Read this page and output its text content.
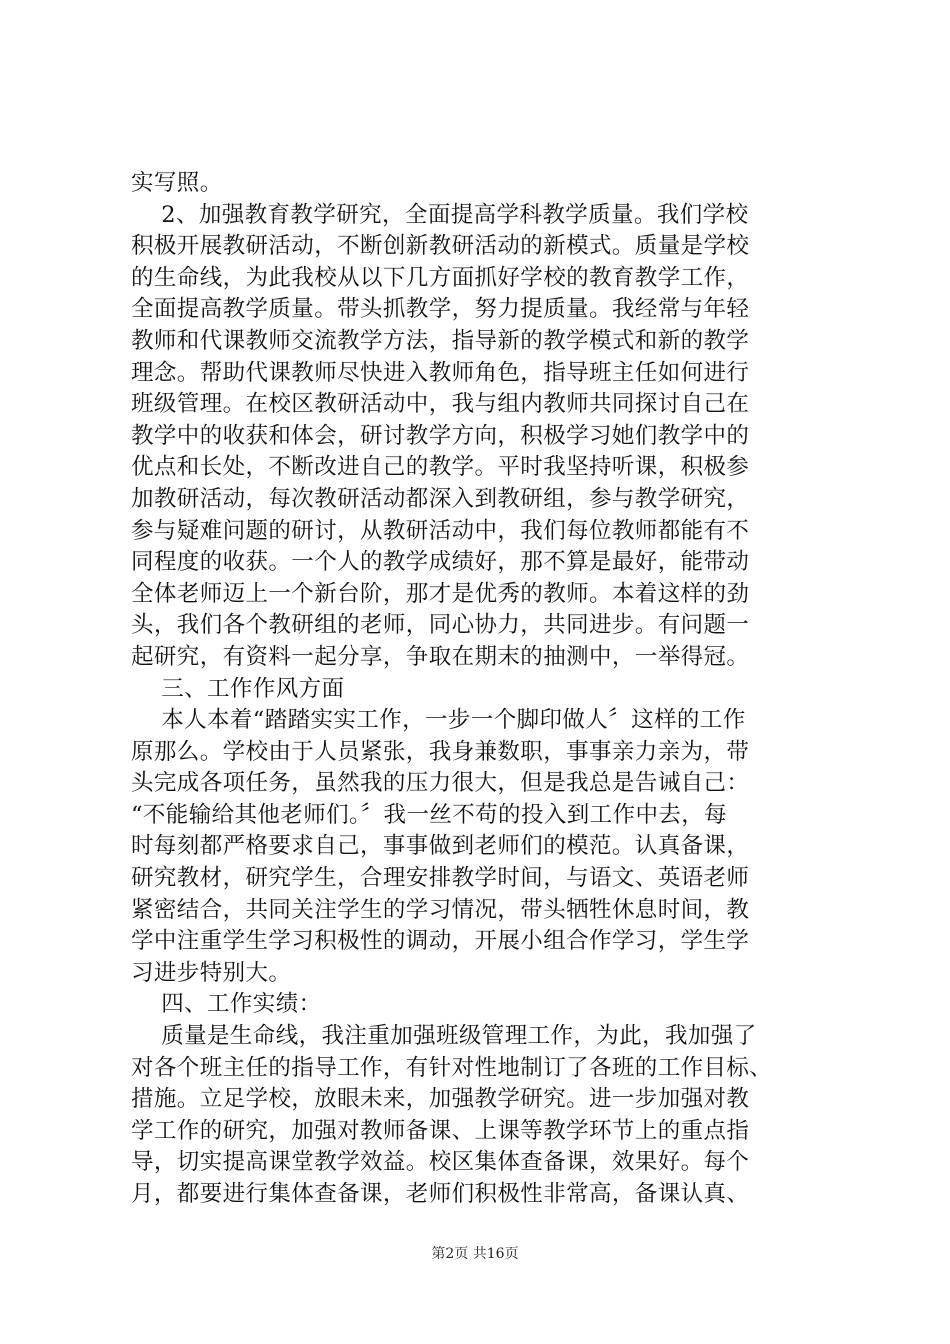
实写照。
2、加强教育教学研究，全面提高学科教学质量。我们学校
积极开展教研活动，不断创新教研活动的新模式。质量是学校
的生命线，为此我校从以下几方面抓好学校的教育教学工作，
全面提高教学质量。带头抓教学，努力提质量。我经常与年轻
教师和代课教师交流教学方法，指导新的教学模式和新的教学
理念。帮助代课教师尽快进入教师角色，指导班主任如何进行
班级管理。在校区教研活动中，我与组内教师共同探讨自己在
教学中的收获和体会，研讨教学方向，积极学习她们教学中的
优点和长处，不断改进自己的教学。平时我坚持听课，积极参
加教研活动，每次教研活动都深入到教研组，参与教学研究，
参与疑难问题的研讨，从教研活动中，我们每位教师都能有不
同程度的收获。一个人的教学成绩好，那不算是最好，能带动
全体老师迈上一个新台阶，那才是优秀的教师。本着这样的劲
头，我们各个教研组的老师，同心协力，共同进步。有问题一
起研究，有资料一起分享，争取在期末的抽测中，一举得冠。
三、工作作风方面
本人本着“踏踏实实工作，一步一个脚印做人〞这样的工作
原那么。学校由于人员紧张，我身兼数职，事事亲力亲为，带
头完成各项任务，虽然我的压力很大，但是我总是告诫自己：
“不能输给其他老师们。〞我一丝不苟的投入到工作中去，每
时每刻都严格要求自己，事事做到老师们的模范。认真备课，
研究教材，研究学生，合理安排教学时间，与语文、英语老师
紧密结合，共同关注学生的学习情况，带头牺牲休息时间，教
学中注重学生学习积极性的调动，开展小组合作学习，学生学
习进步特别大。
四、工作实绩：
质量是生命线，我注重加强班级管理工作，为此，我加强了
对各个班主任的指导工作，有针对性地制订了各班的工作目标、
措施。立足学校，放眼未来，加强教学研究。进一步加强对教
学工作的研究，加强对教师备课、上课等教学环节上的重点指
导，切实提高课堂教学效益。校区集体查备课，效果好。每个
月，都要进行集体查备课，老师们积极性非常高，备课认真、
第2页 共16页
